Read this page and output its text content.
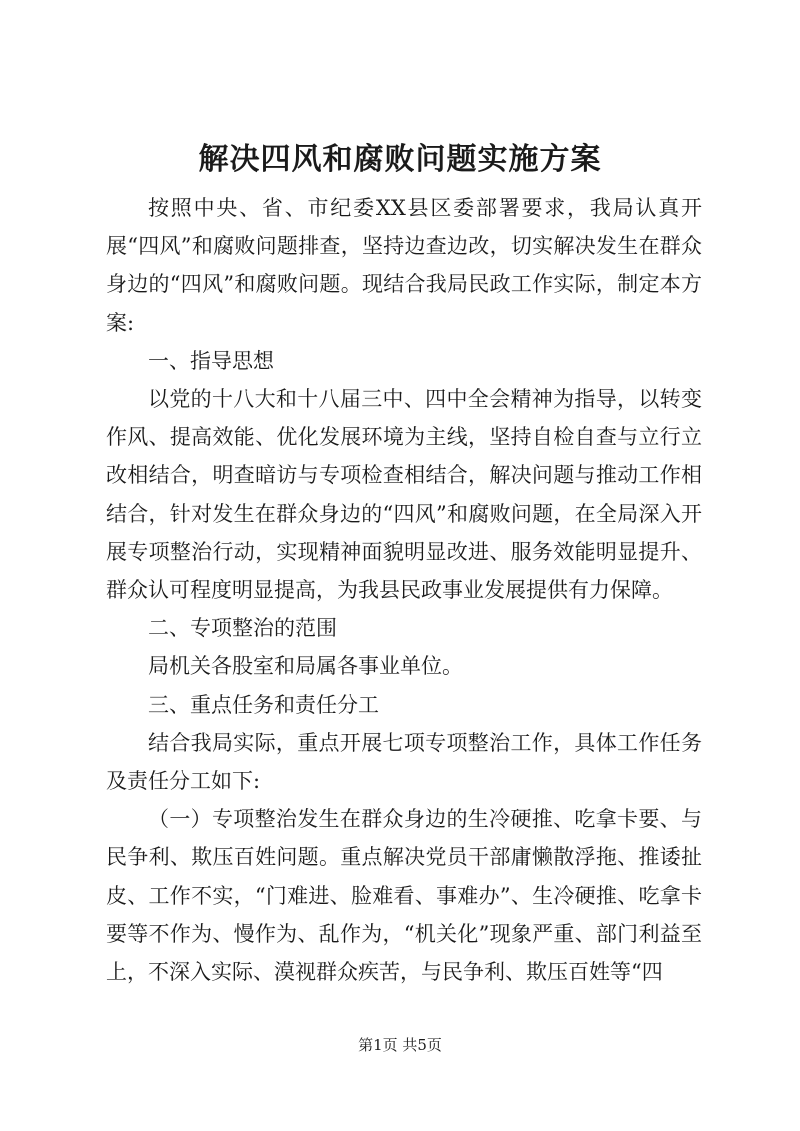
解决四风和腐败问题实施方案

按照中央、省、市纪委XX县区委部署要求，我局认真开展“四风”和腐败问题排查，坚持边查边改，切实解决发生在群众身边的“四风”和腐败问题。现结合我局民政工作实际，制定本方案:

一、指导思想

以党的十八大和十八届三中、四中全会精神为指导，以转变作风、提高效能、优化发展环境为主线，坚持自检自查与立行立改相结合，明查暗访与专项检查相结合，解决问题与推动工作相结合，针对发生在群众身边的“四风”和腐败问题，在全局深入开展专项整治行动，实现精神面貌明显改进、服务效能明显提升、群众认可程度明显提高，为我县民政事业发展提供有力保障。

二、专项整治的范围

局机关各股室和局属各事业单位。

三、重点任务和责任分工

结合我局实际，重点开展七项专项整治工作，具体工作任务及责任分工如下:

（一）专项整治发生在群众身边的生冷硬推、吃拿卡要、与民争利、欺压百姓问题。重点解决党员干部庸懒散浮拖、推诿扯皮、工作不实，“门难进、脸难看、事难办”、生冷硬推、吃拿卡要等不作为、慢作为、乱作为，“机关化”现象严重、部门利益至上，不深入实际、漠视群众疾苦，与民争利、欺压百姓等“四

第1页 共5页
